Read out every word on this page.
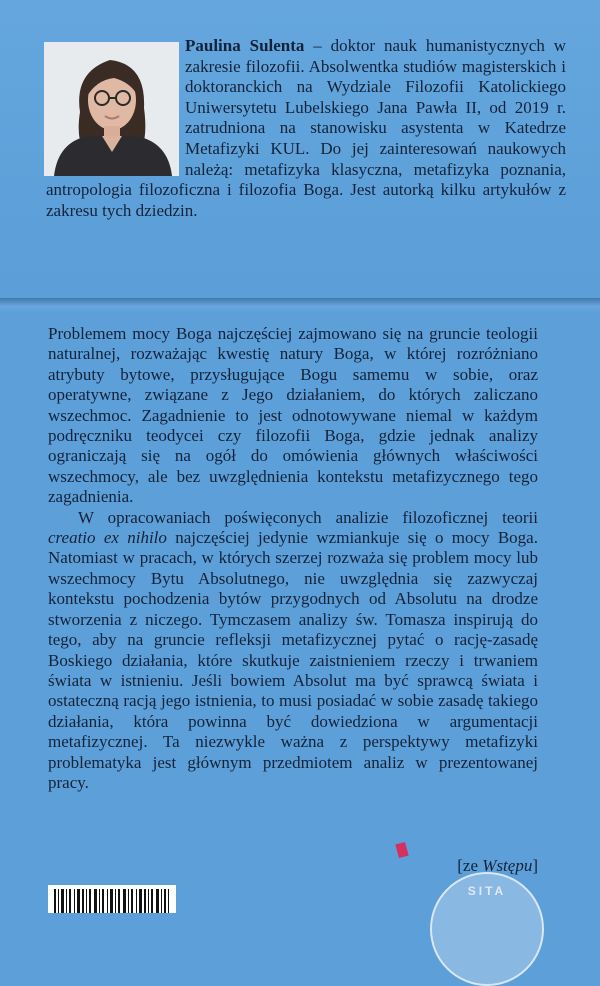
Paulina Sulenta – doktor nauk humanistycznych w zakresie filozofii. Absolwentka studiów magisterskich i doktoranckich na Wydziale Filozofii Katolickiego Uniwersytetu Lubelskiego Jana Pawła II, od 2019 r. zatrudniona na stanowisku asystenta w Katedrze Metafizyki KUL. Do jej zainteresowań naukowych należą: metafizyka klasyczna, metafizyka poznania, antropologia filozoficzna i filozofia Boga. Jest autorką kilku artykułów z zakresu tych dziedzin.

Problemem mocy Boga najczęściej zajmowano się na gruncie teologii naturalnej, rozważając kwestię natury Boga, w której rozróżniano atrybuty bytowe, przysługujące Bogu samemu w sobie, oraz operatywne, związane z Jego działaniem, do których zaliczano wszechmoc. Zagadnienie to jest odnotowywane niemal w każdym podręczniku teodycei czy filozofii Boga, gdzie jednak analizy ograniczają się na ogół do omówienia głównych właściwości wszechmocy, ale bez uwzględnienia kontekstu metafizycznego tego zagadnienia.

W opracowaniach poświęconych analizie filozoficznej teorii creatio ex nihilo najczęściej jedynie wzmiankuje się o mocy Boga. Natomiast w pracach, w których szerzej rozważa się problem mocy lub wszechmocy Bytu Absolutnego, nie uwzględnia się zazwyczaj kontekstu pochodzenia bytów przygodnych od Absolutu na drodze stworzenia z niczego. Tymczasem analizy św. Tomasza inspirują do tego, aby na gruncie refleksji metafizycznej pytać o rację-zasadę Boskiego działania, które skutkuje zaistnieniem rzeczy i trwaniem świata w istnieniu. Jeśli bowiem Absolut ma być sprawcą świata i ostateczną racją jego istnienia, to musi posiadać w sobie zasadę takiego działania, która powinna być dowiedziona w argumentacji metafizycznej. Ta niezwykle ważna z perspektywy metafizyki problematyka jest głównym przedmiotem analiz w prezentowanej pracy.

[ze Wstępu]
SITA
